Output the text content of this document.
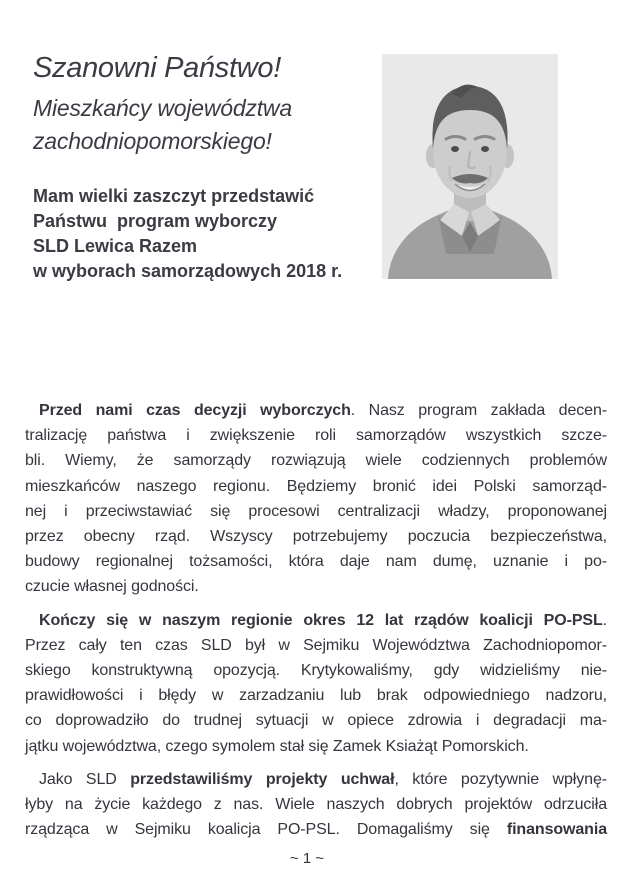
Szanowni Państwo!
Mieszkańcy województwa
zachodniopomorskiego!
Mam wielki zaszczyt przedstawić
Państwu  program wyborczy
SLD Lewica Razem
w wyborach samorządowych 2018 r.
Przed nami czas decyzji wyborczych. Nasz program zakłada decen-
tralizację państwa i zwiększenie roli samorządów wszystkich szcze-
bli. Wiemy, że samorządy rozwiązują wiele codziennych problemów
mieszkańców naszego regionu. Będziemy bronić idei Polski samorząd-
nej i przeciwstawiać się procesowi centralizacji władzy, proponowanej
przez obecny rząd. Wszyscy potrzebujemy poczucia bezpieczeństwa,
budowy regionalnej tożsamości, która daje nam dumę, uznanie i po-
czucie własnej godności.
Kończy się w naszym regionie okres 12 lat rządów koalicji PO-PSL.
Przez cały ten czas SLD był w Sejmiku Województwa Zachodniopomor-
skiego konstruktywną opozycją. Krytykowaliśmy, gdy widzieliśmy nie-
prawidłowości i błędy w zarzadzaniu lub brak odpowiedniego nadzoru,
co doprowadziło do trudnej sytuacji w opiece zdrowia i degradacji ma-
jątku województwa, czego symolem stał się Zamek Ksiażąt Pomorskich.
Jako SLD przedstawiliśmy projekty uchwał, które pozytywnie wpłynę-
łyby na życie każdego z nas. Wiele naszych dobrych projektów odrzuciła
rządząca w Sejmiku koalicja PO-PSL. Domagaliśmy się finansowania
~ 1 ~
